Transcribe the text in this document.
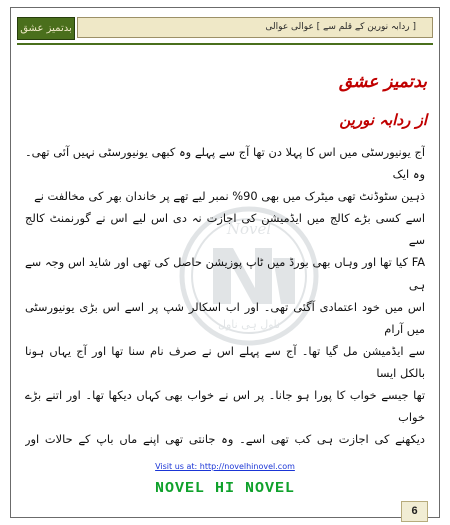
بدتمیز عشق	[ ردابہ نورین کے قلم سے ] عوالی عوالی
Novel
ناول ہی ناول
بدتمیز عشق
از ردابہ نورین
آج یونیورسٹی میں اس کا پہلا دن تھا آج سے پہلے وہ کبھی یونیورسٹی نہیں آئی تھی۔ وہ ایک
ذہین سٹوڈنٹ تھی میٹرک میں بھی 90% نمبر لیے تھے پر خاندان بھر کی مخالفت نے
اسے کسی بڑے کالج میں ایڈمیشن کی اجازت نہ دی اس لیے اس نے گورنمنٹ کالج سے
FA کیا تھا اور وہاں بھی بورڈ میں ٹاپ پوزیشن حاصل کی تھی اور شاید اس وجہ سے ہی
اس میں خود اعتمادی آگئی تھی۔ اور اب اسکالر شپ پر اسے اس بڑی یونیورسٹی میں آرام
سے ایڈمیشن مل گیا تھا۔ آج سے پہلے اس نے صرف نام سنا تھا اور آج یہاں ہونا بالکل ایسا
تھا جیسے خواب کا پورا ہو جانا۔ پر اس نے خواب بھی کہاں دیکھا تھا۔ اور اتنے بڑے خواب
دیکھنے کی اجازت ہی کب تھی اسے۔ وہ جانتی تھی اپنے ماں باپ کے حالات اور
Visit us at: http://novelhinovel.com
NOVEL HI NOVEL
6
